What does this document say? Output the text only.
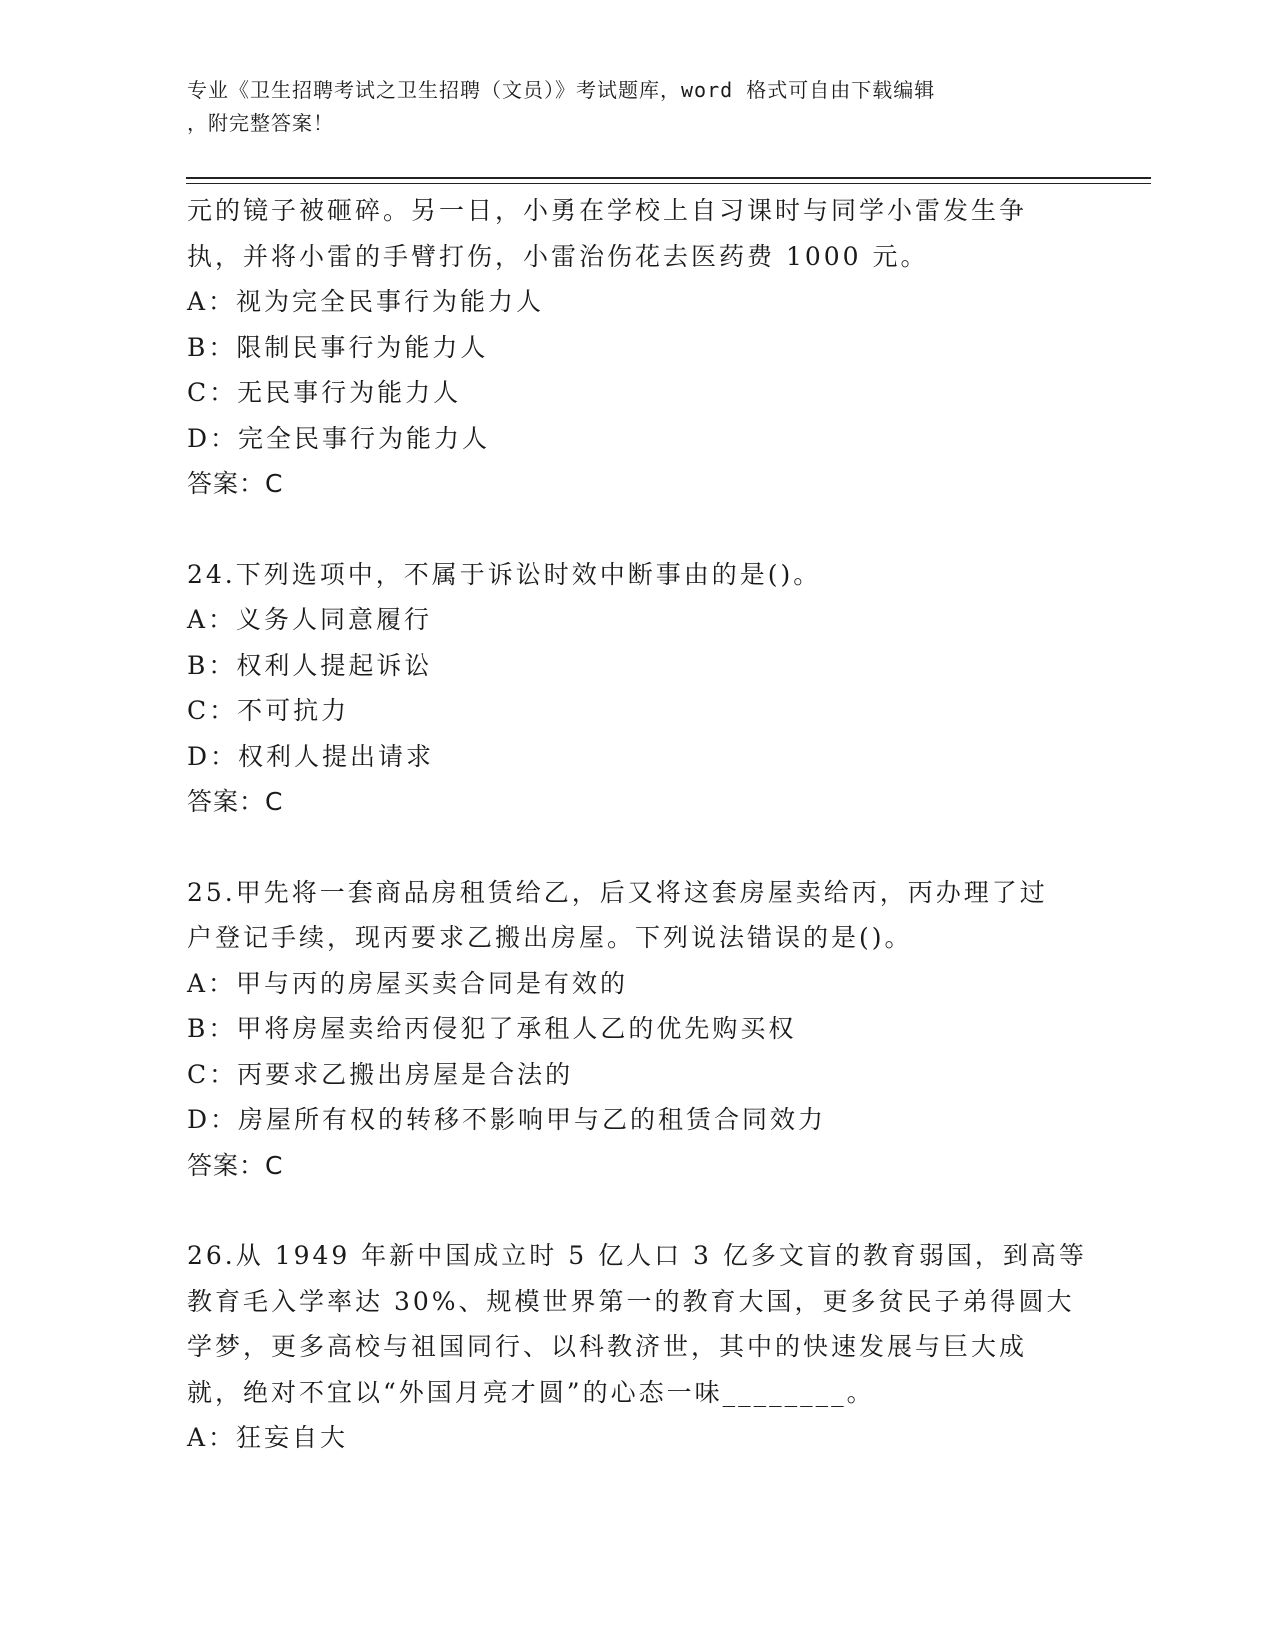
专业《卫生招聘考试之卫生招聘（文员）》考试题库，word 格式可自由下载编辑
，附完整答案！
元的镜子被砸碎。另一日，小勇在学校上自习课时与同学小雷发生争
执，并将小雷的手臂打伤，小雷治伤花去医药费 1000 元。
A：视为完全民事行为能力人
B：限制民事行为能力人
C：无民事行为能力人
D：完全民事行为能力人
答案：C
24.下列选项中，不属于诉讼时效中断事由的是()。
A：义务人同意履行
B：权利人提起诉讼
C：不可抗力
D：权利人提出请求
答案：C
25.甲先将一套商品房租赁给乙，后又将这套房屋卖给丙，丙办理了过
户登记手续，现丙要求乙搬出房屋。下列说法错误的是()。
A：甲与丙的房屋买卖合同是有效的
B：甲将房屋卖给丙侵犯了承租人乙的优先购买权
C：丙要求乙搬出房屋是合法的
D：房屋所有权的转移不影响甲与乙的租赁合同效力
答案：C
26.从 1949 年新中国成立时 5 亿人口 3 亿多文盲的教育弱国，到高等
教育毛入学率达 30%、规模世界第一的教育大国，更多贫民子弟得圆大
学梦，更多高校与祖国同行、以科教济世，其中的快速发展与巨大成
就，绝对不宜以“外国月亮才圆”的心态一味________。
A：狂妄自大
